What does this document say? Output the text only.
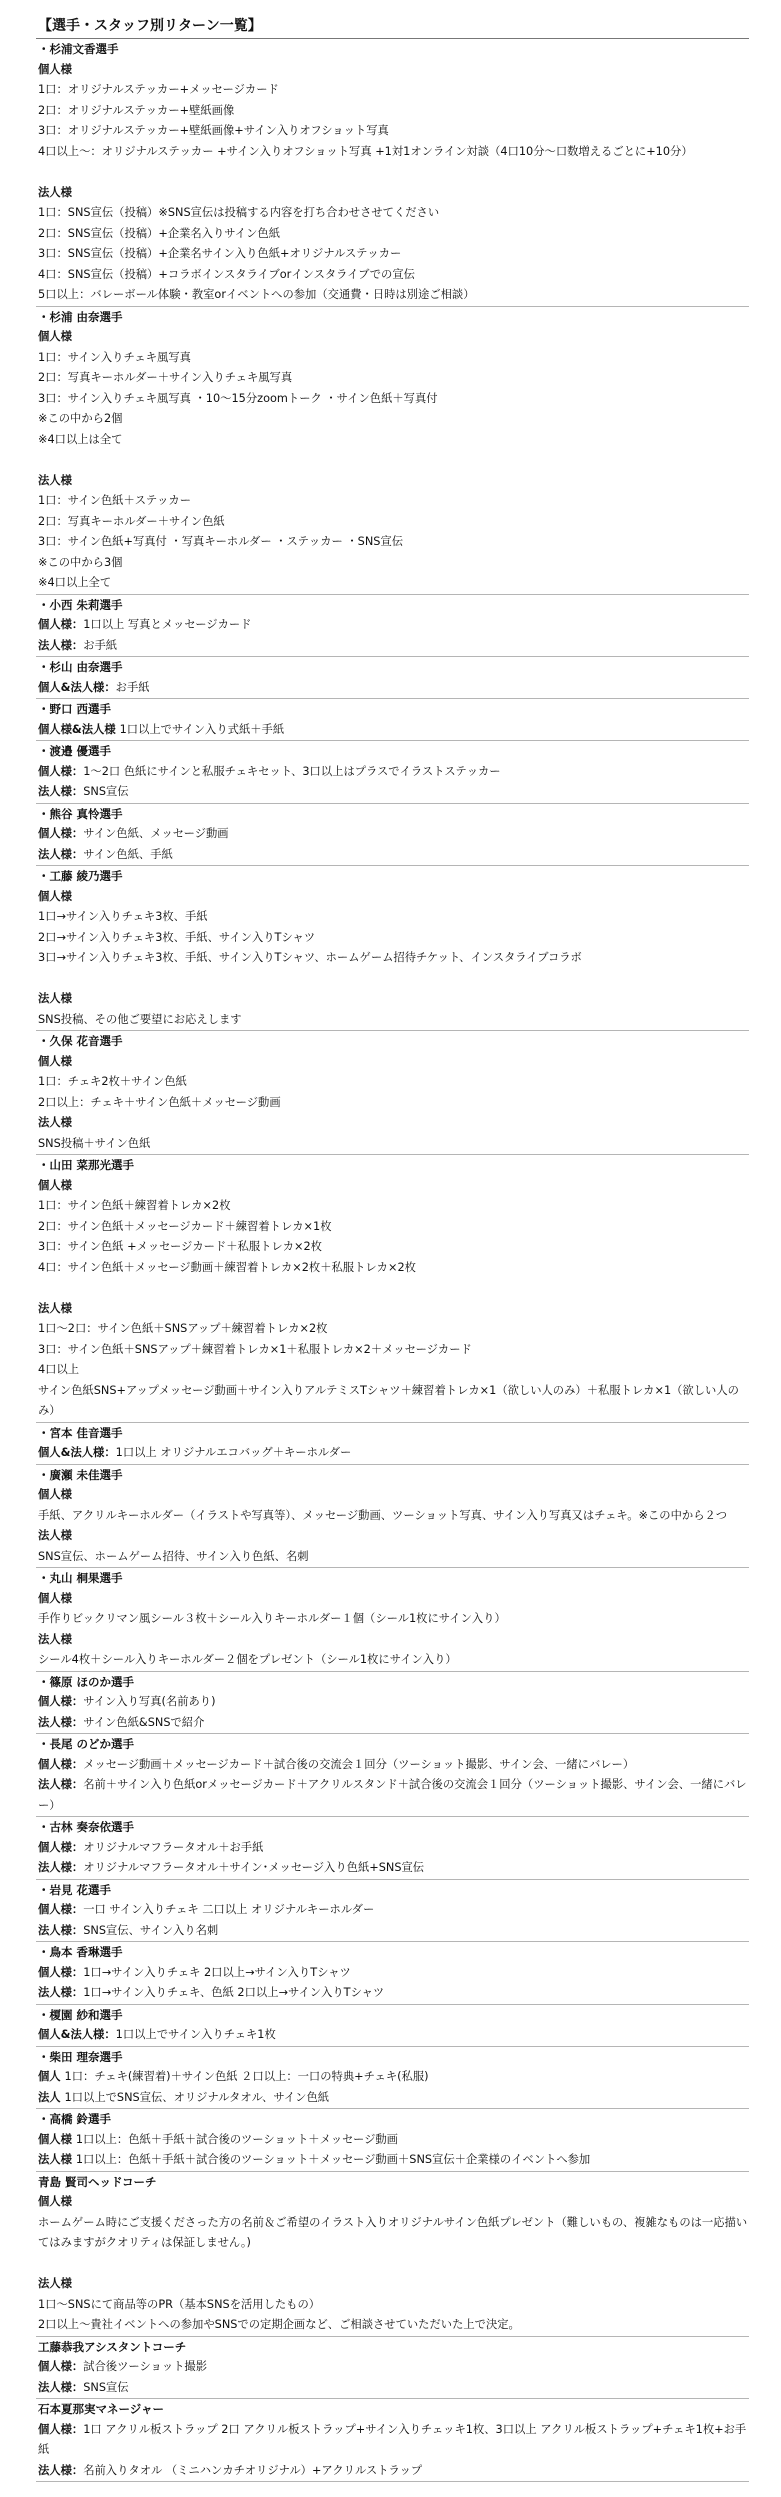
【選手・スタッフ別リターン一覧】
・杉浦文香選手
個人様
1口：オリジナルステッカー+メッセージカード
2口：オリジナルステッカー+壁紙画像
3口：オリジナルステッカー+壁紙画像+サイン入りオフショット写真
4口以上～：オリジナルステッカー +サイン入りオフショット写真 +1対1オンライン対談（4口10分〜口数増えるごとに+10分）
法人様
1口：SNS宣伝（投稿）※SNS宣伝は投稿する内容を打ち合わせさせてください
2口：SNS宣伝（投稿）+企業名入りサイン色紙
3口：SNS宣伝（投稿）+企業名サイン入り色紙+オリジナルステッカー
4口：SNS宣伝（投稿）+コラボインスタライブorインスタライブでの宣伝
5口以上：バレーボール体験・教室orイベントへの参加（交通費・日時は別途ご相談）
・杉浦 由奈選手
個人様
1口：サイン入りチェキ風写真
2口：写真キーホルダー＋サイン入りチェキ風写真
3口：サイン入りチェキ風写真 ・10〜15分zoomトーク ・サイン色紙＋写真付
※この中から2個
※4口以上は全て
法人様
1口：サイン色紙＋ステッカー
2口：写真キーホルダー＋サイン色紙
3口：サイン色紙+写真付 ・写真キーホルダー ・ステッカー ・SNS宣伝
※この中から3個
※4口以上全て
・小西 朱莉選手
個人様：1口以上 写真とメッセージカード
法人様：お手紙
・杉山 由奈選手
個人&法人様：お手紙
・野口 西選手
個人様&法人様 1口以上でサイン入り式紙＋手紙
・渡邉 優選手
個人様：1〜2口 色紙にサインと私服チェキセット、3口以上はプラスでイラストステッカー
法人様：SNS宣伝
・熊谷 真怜選手
個人様：サイン色紙、メッセージ動画
法人様：サイン色紙、手紙
・工藤 綾乃選手
個人様
1口→サイン入りチェキ3枚、手紙
2口→サイン入りチェキ3枚、手紙、サイン入りTシャツ
3口→サイン入りチェキ3枚、手紙、サイン入りTシャツ、ホームゲーム招待チケット、インスタライブコラボ
法人様
SNS投稿、その他ご要望にお応えします
・久保 花音選手
個人様
1口：チェキ2枚＋サイン色紙
2口以上：チェキ＋サイン色紙＋メッセージ動画
法人様
SNS投稿＋サイン色紙
・山田 菜那光選手
個人様
1口：サイン色紙＋練習着トレカ×2枚
2口：サイン色紙＋メッセージカード＋練習着トレカ×1枚
3口：サイン色紙 +メッセージカード＋私服トレカ×2枚
4口：サイン色紙＋メッセージ動画＋練習着トレカ×2枚＋私服トレカ×2枚
法人様
1口〜2口：サイン色紙＋SNSアップ＋練習着トレカ×2枚
3口：サイン色紙＋SNSアップ＋練習着トレカ×1＋私服トレカ×2＋メッセージカード
4口以上
サイン色紙SNS+アップメッセージ動画＋サイン入りアルテミスTシャツ＋練習着トレカ×1（欲しい人のみ）＋私服トレカ×1（欲しい人のみ）
・宮本 佳音選手
個人&法人様：1口以上 オリジナルエコバッグ＋キーホルダー
・廣瀬 未佳選手
個人様
手紙、アクリルキーホルダー（イラストや写真等）、メッセージ動画、ツーショット写真、サイン入り写真又はチェキ。※この中から２つ
法人様
SNS宣伝、ホームゲーム招待、サイン入り色紙、名刺
・丸山 桐果選手
個人様
手作りビックリマン風シール３枚＋シール入りキーホルダー１個（シール1枚にサイン入り）
法人様
シール4枚＋シール入りキーホルダー２個をプレゼント（シール1枚にサイン入り）
・篠原 ほのか選手
個人様：サイン入り写真(名前あり)
法人様：サイン色紙&SNSで紹介
・長尾 のどか選手
個人様：メッセージ動画＋メッセージカード＋試合後の交流会１回分（ツーショット撮影、サイン会、一緒にバレー）
法人様：名前＋サイン入り色紙orメッセージカード＋アクリルスタンド＋試合後の交流会１回分（ツーショット撮影、サイン会、一緒にバレー）
・古林 奏奈依選手
個人様：オリジナルマフラータオル＋お手紙
法人様：オリジナルマフラータオル＋サイン･メッセージ入り色紙+SNS宣伝
・岩見 花選手
個人様：一口 サイン入りチェキ 二口以上 オリジナルキーホルダー
法人様：SNS宣伝、サイン入り名刺
・鳥本 香琳選手
個人様：1口→サイン入りチェキ 2口以上→サイン入りTシャツ
法人様：1口→サイン入りチェキ、色紙 2口以上→サイン入りTシャツ
・榎園 紗和選手
個人&法人様：1口以上でサイン入りチェキ1枚
・柴田 理奈選手
個人 1口：チェキ(練習着)＋サイン色紙 ２口以上：一口の特典+チェキ(私服)
法人 1口以上でSNS宣伝、オリジナルタオル、サイン色紙
・高橋 鈴選手
個人様 1口以上：色紙＋手紙＋試合後のツーショット＋メッセージ動画
法人様 1口以上：色紙＋手紙＋試合後のツーショット＋メッセージ動画＋SNS宣伝＋企業様のイベントへ参加
青島 賢司ヘッドコーチ
個人様
ホームゲーム時にご支援くださった方の名前＆ご希望のイラスト入りオリジナルサイン色紙プレゼント（難しいもの、複雑なものは一応描いてはみますがクオリティは保証しません。)
法人様
1口〜SNSにて商品等のPR（基本SNSを活用したもの）
2口以上〜貴社イベントへの参加やSNSでの定期企画など、ご相談させていただいた上で決定。
工藤恭我アシスタントコーチ
個人様：試合後ツーショット撮影
法人様：SNS宣伝
石本夏那実マネージャー
個人様：1口 アクリル板ストラップ 2口 アクリル板ストラップ+サイン入りチェッキ1枚、3口以上 アクリル板ストラップ+チェキ1枚+お手紙
法人様：名前入りタオル （ミニハンカチオリジナル）+アクリルストラップ
